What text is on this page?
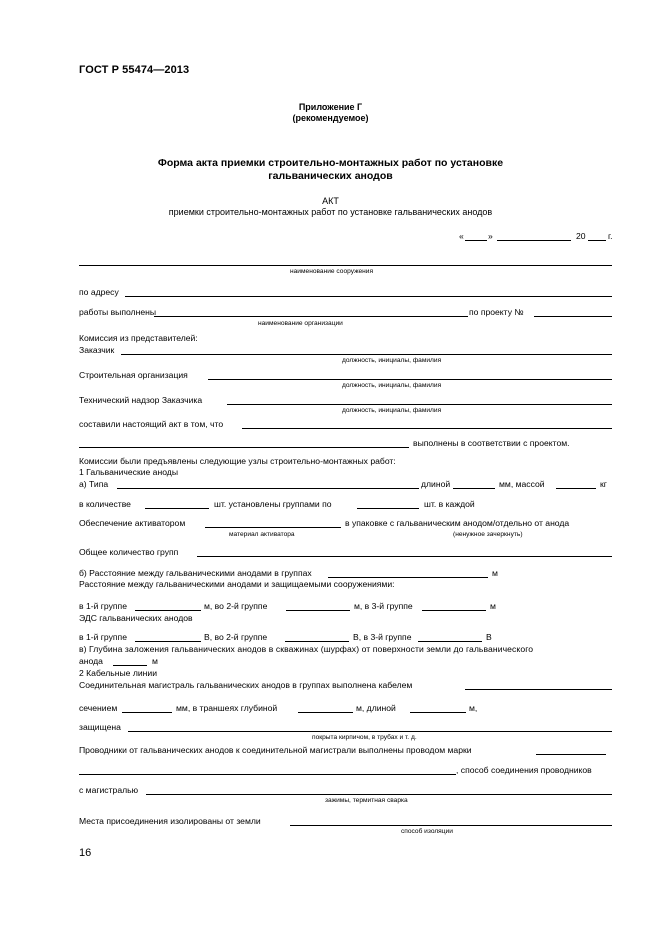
ГОСТ Р 55474—2013
Приложение Г
(рекомендуемое)
Форма акта приемки строительно-монтажных работ по установке
гальванических анодов
АКТ
приемки строительно-монтажных работ по установке гальванических анодов
«	»	20	г.
наименование сооружения
по адресу
работы выполнены	по проекту №
наименование организации
Комиссия из представителей:
Заказчик
должность, инициалы, фамилия
Строительная организация
должность, инициалы, фамилия
Технический надзор Заказчика
должность, инициалы, фамилия
составили настоящий акт в том, что
выполнены в соответствии с проектом.
Комиссии были предъявлены следующие узлы строительно-монтажных работ:
1 Гальванические аноды
а) Типа	длиной	мм, массой	кг
в количестве	шт. установлены группами по	шт. в каждой
Обеспечение активатором	в упаковке с гальваническим анодом/отдельно от анода
материал активатора	(ненужное зачеркнуть)
Общее количество групп
б) Расстояние между гальваническими анодами в группах	м
Расстояние между гальваническими анодами и защищаемыми сооружениями:
в 1-й группе	м, во 2-й группе	м, в 3-й группе	м
ЭДС гальванических анодов
в 1-й группе	В, во 2-й группе	В, в 3-й группе	В
в) Глубина заложения гальванических анодов в скважинах (шурфах) от поверхности земли до гальванического
анода	м
2 Кабельные линии
Соединительная магистраль гальванических анодов в группах выполнена кабелем
сечением	мм, в траншеях глубиной	м, длиной	м,
защищена
покрыта кирпичом, в трубах и т. д.
Проводники от гальванических анодов к соединительной магистрали выполнены проводом марки
, способ соединения проводников
с магистралью
зажимы, термитная сварка
Места присоединения изолированы от земли
способ изоляции
16
